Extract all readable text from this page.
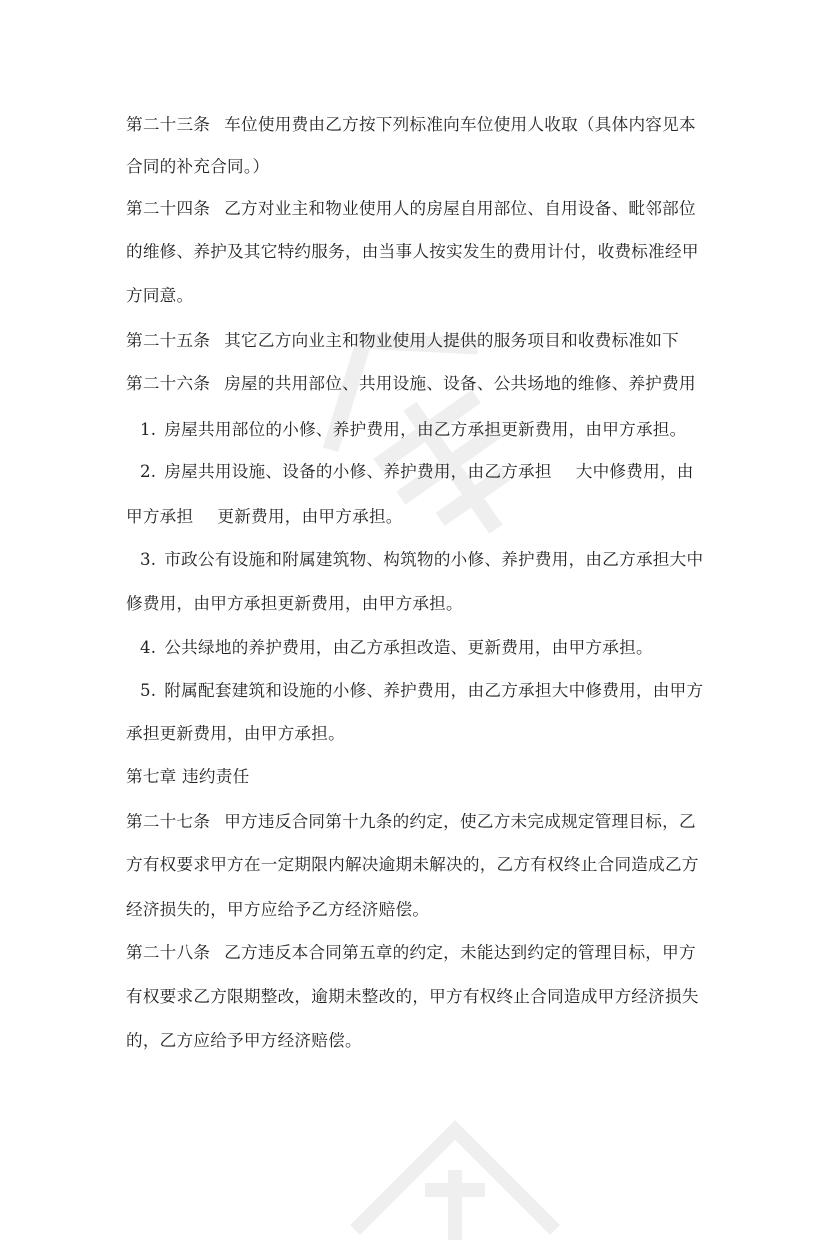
第二十三条 车位使用费由乙方按下列标准向车位使用人收取（具体内容见本
合同的补充合同。）
第二十四条 乙方对业主和物业使用人的房屋自用部位、自用设备、毗邻部位
的维修、养护及其它特约服务，由当事人按实发生的费用计付，收费标准经甲
方同意。
第二十五条 其它乙方向业主和物业使用人提供的服务项目和收费标准如下
第二十六条 房屋的共用部位、共用设施、设备、公共场地的维修、养护费用
1. 房屋共用部位的小修、养护费用，由乙方承担更新费用，由甲方承担。
2. 房屋共用设施、设备的小修、养护费用，由乙方承担 大中修费用，由
甲方承担 更新费用，由甲方承担。
3. 市政公有设施和附属建筑物、构筑物的小修、养护费用，由乙方承担大中
修费用，由甲方承担更新费用，由甲方承担。
4. 公共绿地的养护费用，由乙方承担改造、更新费用，由甲方承担。
5. 附属配套建筑和设施的小修、养护费用，由乙方承担大中修费用，由甲方
承担更新费用，由甲方承担。
第七章 违约责任
第二十七条 甲方违反合同第十九条的约定，使乙方未完成规定管理目标，乙
方有权要求甲方在一定期限内解决逾期未解决的，乙方有权终止合同造成乙方
经济损失的，甲方应给予乙方经济赔偿。
第二十八条 乙方违反本合同第五章的约定，未能达到约定的管理目标，甲方
有权要求乙方限期整改，逾期未整改的，甲方有权终止合同造成甲方经济损失
的，乙方应给予甲方经济赔偿。
